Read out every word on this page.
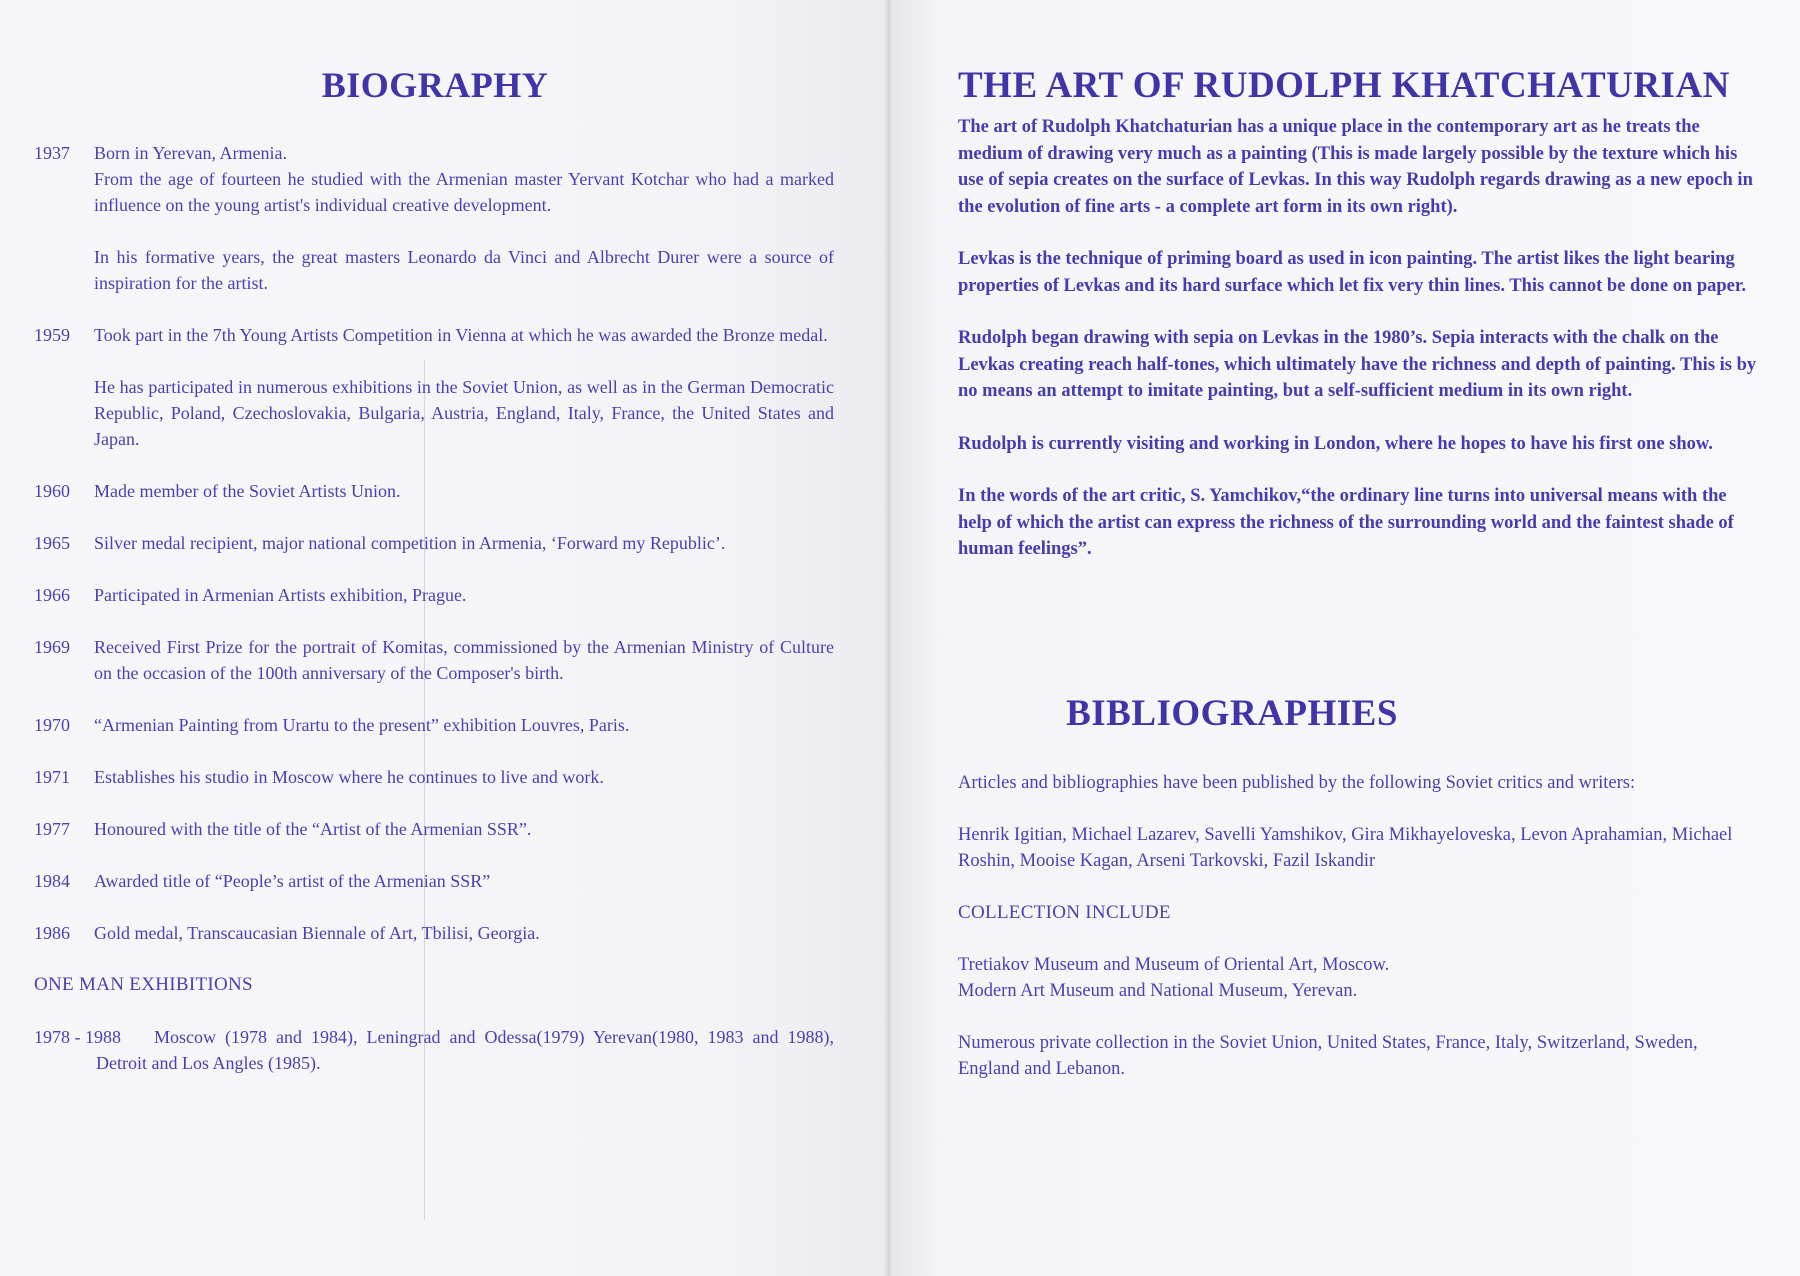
BIOGRAPHY
1937	Born in Yerevan, Armenia.

From the age of fourteen he studied with the Armenian master Yervant Kotchar who had a marked influence on the young artist's individual creative development.

In his formative years, the great masters Leonardo da Vinci and Albrecht Durer were a source of inspiration for the artist.

1959	Took part in the 7th Young Artists Competition in Vienna at which he was awarded the Bronze medal.

He has participated in numerous exhibitions in the Soviet Union, as well as in the German Democratic Republic, Poland, Czechoslovakia, Bulgaria, Austria, England, Italy, France, the United States and Japan.

1960	Made member of the Soviet Artists Union.
1965	Silver medal recipient, major national competition in Armenia, ‘Forward my Republic’.
1966	Participated in Armenian Artists exhibition, Prague.
1969	Received First Prize for the portrait of Komitas, commissioned by the Armenian Ministry of Culture on the occasion of the 100th anniversary of the Composer's birth.
1970	“Armenian Painting from Urartu to the present” exhibition Louvres, Paris.
1971	Establishes his studio in Moscow where he continues to live and work.
1977	Honoured with the title of the “Artist of the Armenian SSR”.
1984	Awarded title of “People’s artist of the Armenian SSR”
1986	Gold medal, Transcaucasian Biennale of Art, Tbilisi, Georgia.
ONE MAN EXHIBITIONS
1978 - 1988	Moscow (1978 and 1984), Leningrad and Odessa(1979) Yerevan(1980, 1983 and 1988), Detroit and Los Angles (1985).
THE ART OF RUDOLPH KHATCHATURIAN

The art of Rudolph Khatchaturian has a unique place in the contemporary art as he treats the medium of drawing very much as a painting (This is made largely possible by the texture which his use of sepia creates on the surface of Levkas. In this way Rudolph regards drawing as a new epoch in the evolution of fine arts - a complete art form in its own right).

Levkas is the technique of priming board as used in icon painting. The artist likes the light bearing properties of Levkas and its hard surface which let fix very thin lines. This cannot be done on paper.

Rudolph began drawing with sepia on Levkas in the 1980’s. Sepia interacts with the chalk on the Levkas creating reach half-tones, which ultimately have the richness and depth of painting. This is by no means an attempt to imitate painting, but a self-sufficient medium in its own right.

Rudolph is currently visiting and working in London, where he hopes to have his first one show.

In the words of the art critic, S. Yamchikov,“the ordinary line turns into universal means with the help of which the artist can express the richness of the surrounding world and the faintest shade of human feelings”.

BIBLIOGRAPHIES

Articles and bibliographies have been published by the following Soviet critics and writers:

Henrik Igitian, Michael Lazarev, Savelli Yamshikov, Gira Mikhayeloveska, Levon Aprahamian, Michael Roshin, Mooise Kagan, Arseni Tarkovski, Fazil Iskandir

COLLECTION INCLUDE

Tretiakov Museum and Museum of Oriental Art, Moscow.
Modern Art Museum and National Museum, Yerevan.

Numerous private collection in the Soviet Union, United States, France, Italy, Switzerland, Sweden, England and Lebanon.
